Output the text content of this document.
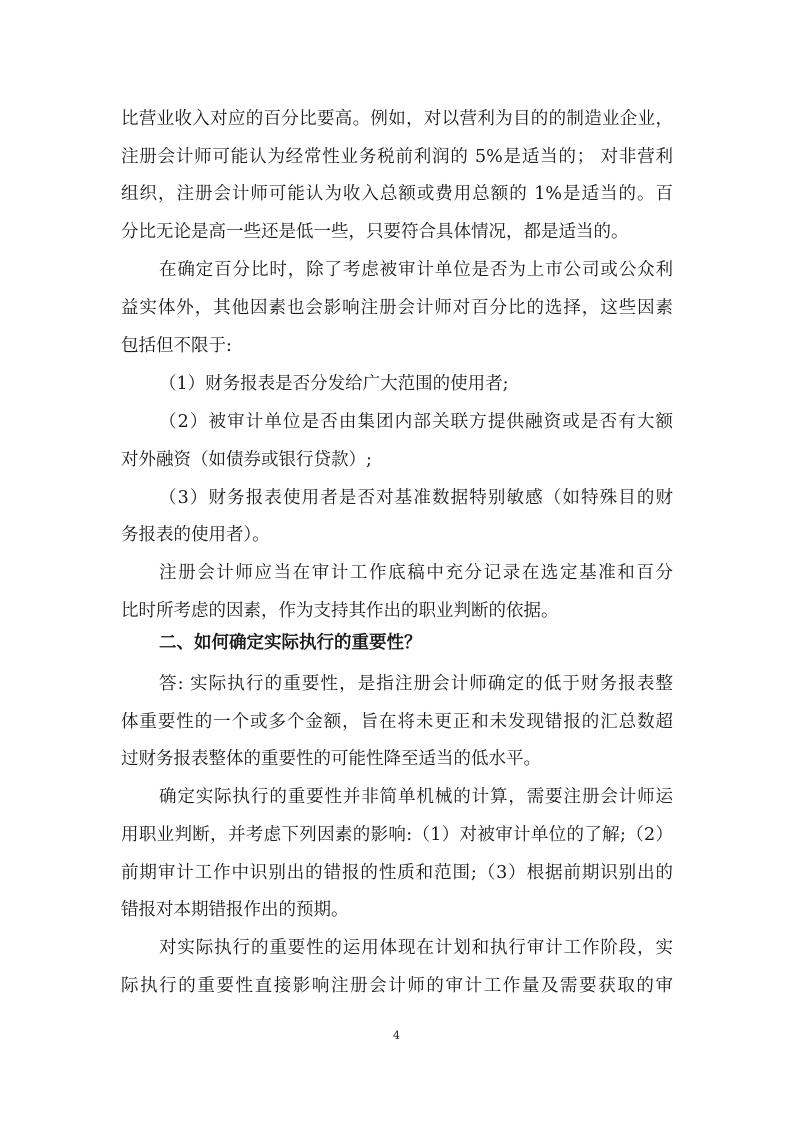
比营业收入对应的百分比要高。例如，对以营利为目的的制造业企业，
注册会计师可能认为经常性业务税前利润的 5%是适当的； 对非营利
组织，注册会计师可能认为收入总额或费用总额的 1%是适当的。百
分比无论是高一些还是低一些，只要符合具体情况，都是适当的。
在确定百分比时，除了考虑被审计单位是否为上市公司或公众利
益实体外，其他因素也会影响注册会计师对百分比的选择，这些因素
包括但不限于:
（1）财务报表是否分发给广大范围的使用者;
（2）被审计单位是否由集团内部关联方提供融资或是否有大额
对外融资（如债券或银行贷款）;
（3）财务报表使用者是否对基准数据特别敏感（如特殊目的财
务报表的使用者）。
注册会计师应当在审计工作底稿中充分记录在选定基准和百分
比时所考虑的因素，作为支持其作出的职业判断的依据。
二、如何确定实际执行的重要性？
答: 实际执行的重要性，是指注册会计师确定的低于财务报表整
体重要性的一个或多个金额，旨在将未更正和未发现错报的汇总数超
过财务报表整体的重要性的可能性降至适当的低水平。
确定实际执行的重要性并非简单机械的计算，需要注册会计师运
用职业判断，并考虑下列因素的影响:（1）对被审计单位的了解;（2）
前期审计工作中识别出的错报的性质和范围;（3）根据前期识别出的
错报对本期错报作出的预期。
对实际执行的重要性的运用体现在计划和执行审计工作阶段，实
际执行的重要性直接影响注册会计师的审计工作量及需要获取的审
4
